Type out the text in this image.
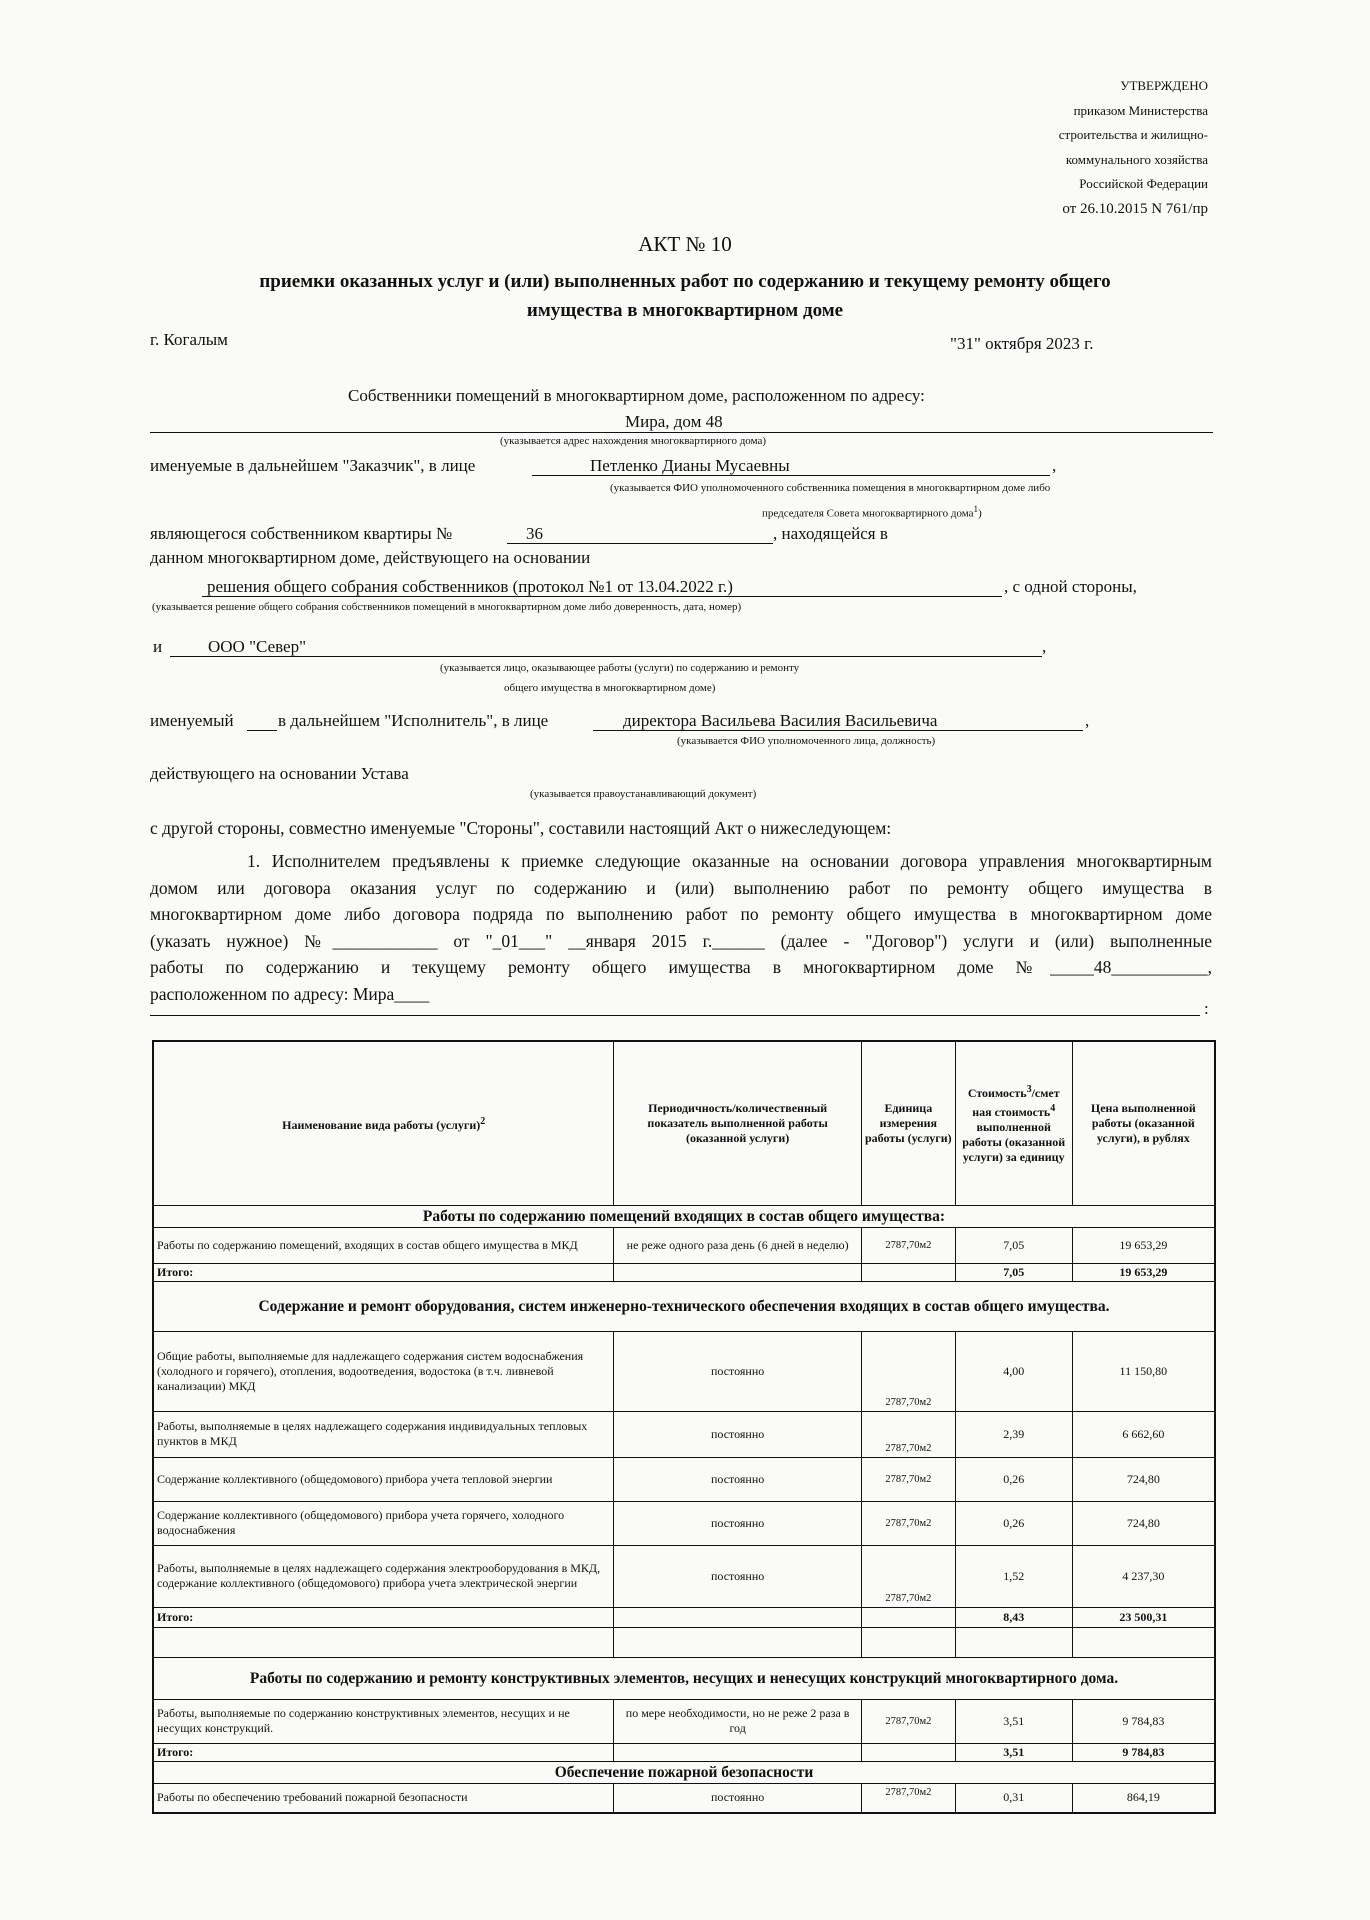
УТВЕРЖДЕНО
приказом Министерства
строительства и жилищно-
коммунального хозяйства
Российской Федерации
от 26.10.2015 N 761/пр
АКТ № 10
приемки оказанных услуг и (или) выполненных работ по содержанию и текущему ремонту общего
имущества в многоквартирном доме
г. Когалым	"31" октября 2023 г.
Собственники помещений в многоквартирном доме, расположенном по адресу:
Мира, дом 48
(указывается адрес нахождения многоквартирного дома)
именуемые в дальнейшем "Заказчик", в лице	Петленко Дианы Мусаевны	,
(указывается ФИО уполномоченного собственника помещения в многоквартирном доме либо
председателя Совета многоквартирного дома$^1$)
являющегося собственником квартиры №	36	, находящейся в
данном многоквартирном доме, действующего на основании
решения общего собрания собственников (протокол №1 от 13.04.2022 г.)	, с одной стороны,
(указывается решение общего собрания собственников помещений в многоквартирном доме либо доверенность, дата, номер)
и	ООО "Север"	,
(указывается лицо, оказывающее работы (услуги) по содержанию и ремонту
общего имущества в многоквартирном доме)
именуемый	в дальнейшем "Исполнитель", в лице	директора Васильева Василия Васильевича	,
(указывается ФИО уполномоченного лица, должность)
действующего на основании Устава
(указывается правоустанавливающий документ)
с другой стороны, совместно именуемые "Стороны", составили настоящий Акт о нижеследующем:
1. Исполнителем предъявлены к приемке следующие оказанные на основании договора управления многоквартирным
домом или договора оказания услуг по содержанию и (или) выполнению работ по ремонту общего имущества в
многоквартирном доме либо договора подряда по выполнению работ по ремонту общего имущества в многоквартирном доме
(указать нужное) №____________ от "_01___" __января 2015 г.______ (далее - "Договор") услуги и (или) выполненные
работы по содержанию и текущему ремонту общего имущества в многоквартирном доме №_____48___________,
расположенном по адресу: Мира____
:
Наименование вида работы (услуги)$^2$	Периодичность/количественный показатель выполненной работы (оказанной услуги)	Единица измерения работы (услуги)	Стоимость$^3$/смет ная стоимость$^4$ выполненной работы (оказанной услуги) за единицу	Цена выполненной работы (оказанной услуги), в рублях
Работы по содержанию помещений входящих в состав общего имущества:				
Работы по содержанию помещений, входящих в состав общего имущества в МКД	не реже одного раза день (6 дней в неделю)	2787,70м2	7,05	19 653,29
Итого:			7,05	19 653,29
Содержание и ремонт оборудования, систем инженерно-технического обеспечения входящих в состав общего имущества.				
Общие работы, выполняемые для надлежащего содержания систем водоснабжения (холодного и горячего), отопления, водоотведения, водостока (в т.ч. ливневой канализации) МКД	постоянно	2787,70м2	4,00	11 150,80
Работы, выполняемые в целях надлежащего содержания индивидуальных тепловых пунктов в МКД	постоянно	2787,70м2	2,39	6 662,60
Содержание коллективного (общедомового) прибора учета тепловой энергии	постоянно	2787,70м2	0,26	724,80
Содержание коллективного (общедомового) прибора учета горячего, холодного водоснабжения	постоянно	2787,70м2	0,26	724,80
Работы, выполняемые в целях надлежащего содержания электрооборудования в МКД, содержание коллективного (общедомового) прибора учета электрической энергии	постоянно	2787,70м2	1,52	4 237,30
Итого:			8,43	23 500,31

Работы по содержанию и ремонту конструктивных элементов, несущих и ненесущих конструкций многоквартирного дома.				
Работы, выполняемые по содержанию конструктивных элементов, несущих и не несущих конструкций.	по мере необходимости, но не реже 2 раза в год	2787,70м2	3,51	9 784,83
Итого:			3,51	9 784,83
Обеспечение пожарной безопасности				
Работы по обеспечению требований пожарной безопасности	постоянно	2787,70м2	0,31	864,19
